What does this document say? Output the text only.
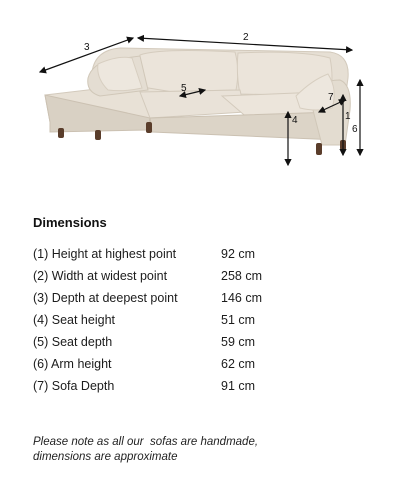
3
2
5
4
7
1
6
Dimensions
(1) Height at highest point	92 cm
(2) Width at widest point	258 cm
(3) Depth at deepest point	146 cm
(4) Seat height	51 cm
(5) Seat depth	59 cm
(6) Arm height	62 cm
(7) Sofa Depth	91 cm
Please note as all our  sofas are handmade,
dimensions are approximate
